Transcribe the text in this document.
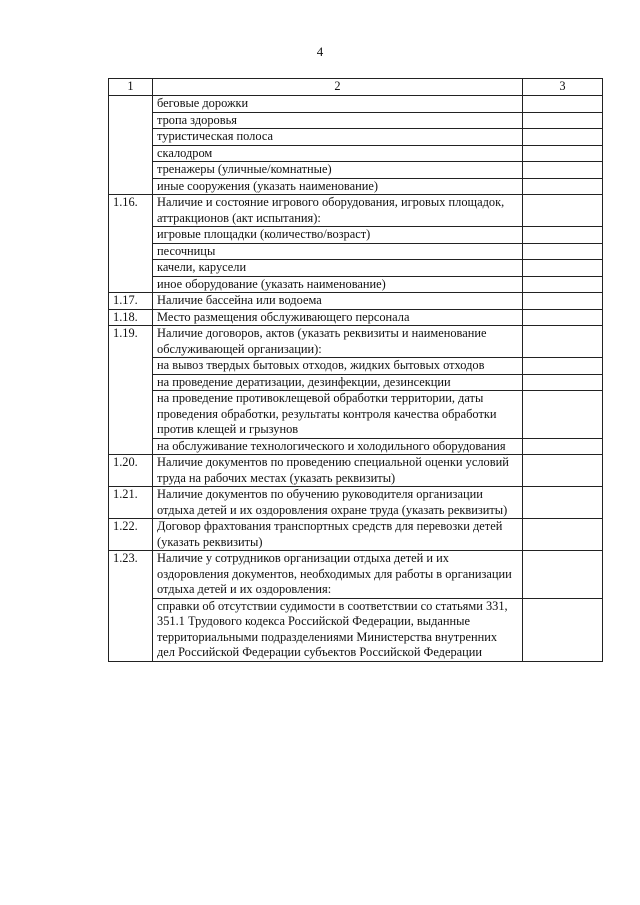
4
1	2	3
	беговые дорожки	
	тропа здоровья	
	туристическая полоса	
	скалодром	
	тренажеры (уличные/комнатные)	
	иные сооружения (указать наименование)	
1.16.	Наличие и состояние игрового оборудования, игровых площадок, аттракционов (акт испытания):	
	игровые площадки (количество/возраст)	
	песочницы	
	качели, карусели	
	иное оборудование (указать наименование)	
1.17.	Наличие бассейна или водоема	
1.18.	Место размещения обслуживающего персонала	
1.19.	Наличие договоров, актов (указать реквизиты и наименование обслуживающей организации):	
	на вывоз твердых бытовых отходов, жидких бытовых отходов	
	на проведение дератизации, дезинфекции, дезинсекции	
	на проведение противоклещевой обработки территории, даты проведения обработки, результаты контроля качества обработки против клещей и грызунов	
	на обслуживание технологического и холодильного оборудования	
1.20.	Наличие документов по проведению специальной оценки условий труда на рабочих местах (указать реквизиты)	
1.21.	Наличие документов по обучению руководителя организации отдыха детей и их оздоровления охране труда (указать реквизиты)	
1.22.	Договор фрахтования транспортных средств для перевозки детей (указать реквизиты)	
1.23.	Наличие у сотрудников организации отдыха детей и их оздоровления документов, необходимых для работы в организации отдыха детей и их оздоровления:	
	справки об отсутствии судимости в соответствии со статьями 331, 351.1 Трудового кодекса Российской Федерации, выданные территориальными подразделениями Министерства внутренних дел Российской Федерации субъектов Российской Федерации	
